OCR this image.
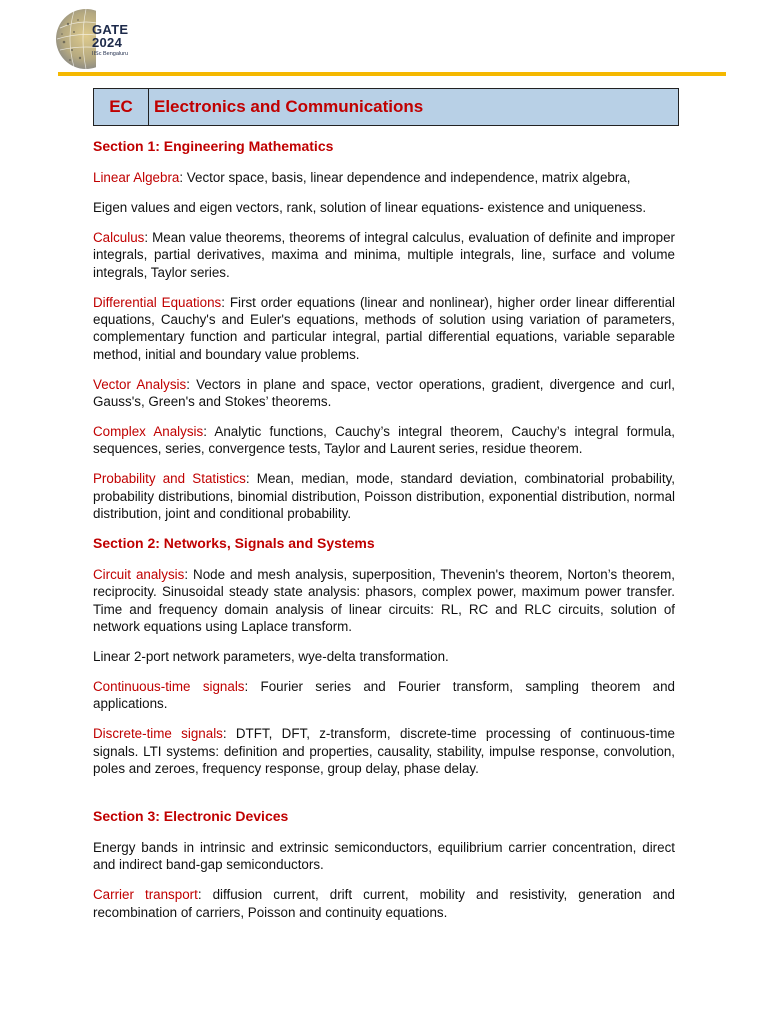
GATE
2024
IISc Bengaluru
EC	Electronics and Communications
Section 1: Engineering Mathematics

Linear Algebra: Vector space, basis, linear dependence and independence, matrix algebra,

Eigen values and eigen vectors, rank, solution of linear equations- existence and uniqueness.

Calculus: Mean value theorems, theorems of integral calculus, evaluation of definite and improper integrals, partial derivatives, maxima and minima, multiple integrals, line, surface and volume integrals, Taylor series.

Differential Equations: First order equations (linear and nonlinear), higher order linear differential equations, Cauchy's and Euler's equations, methods of solution using variation of parameters, complementary function and particular integral, partial differential equations, variable separable method, initial and boundary value problems.

Vector Analysis: Vectors in plane and space, vector operations, gradient, divergence and curl, Gauss's, Green's and Stokes’ theorems.

Complex Analysis: Analytic functions, Cauchy’s integral theorem, Cauchy’s integral formula, sequences, series, convergence tests, Taylor and Laurent series, residue theorem.

Probability and Statistics: Mean, median, mode, standard deviation, combinatorial probability, probability distributions, binomial distribution, Poisson distribution, exponential distribution, normal distribution, joint and conditional probability.

Section 2: Networks, Signals and Systems

Circuit analysis: Node and mesh analysis, superposition, Thevenin's theorem, Norton’s theorem, reciprocity. Sinusoidal steady state analysis: phasors, complex power, maximum power transfer. Time and frequency domain analysis of linear circuits: RL, RC and RLC circuits, solution of network equations using Laplace transform.

Linear 2-port network parameters, wye-delta transformation.

Continuous-time signals: Fourier series and Fourier transform, sampling theorem and applications.

Discrete-time signals: DTFT, DFT, z-transform, discrete-time processing of continuous-time signals. LTI systems: definition and properties, causality, stability, impulse response, convolution, poles and zeroes, frequency response, group delay, phase delay.

Section 3: Electronic Devices

Energy bands in intrinsic and extrinsic semiconductors, equilibrium carrier concentration, direct and indirect band-gap semiconductors.

Carrier transport: diffusion current, drift current, mobility and resistivity, generation and recombination of carriers, Poisson and continuity equations.
